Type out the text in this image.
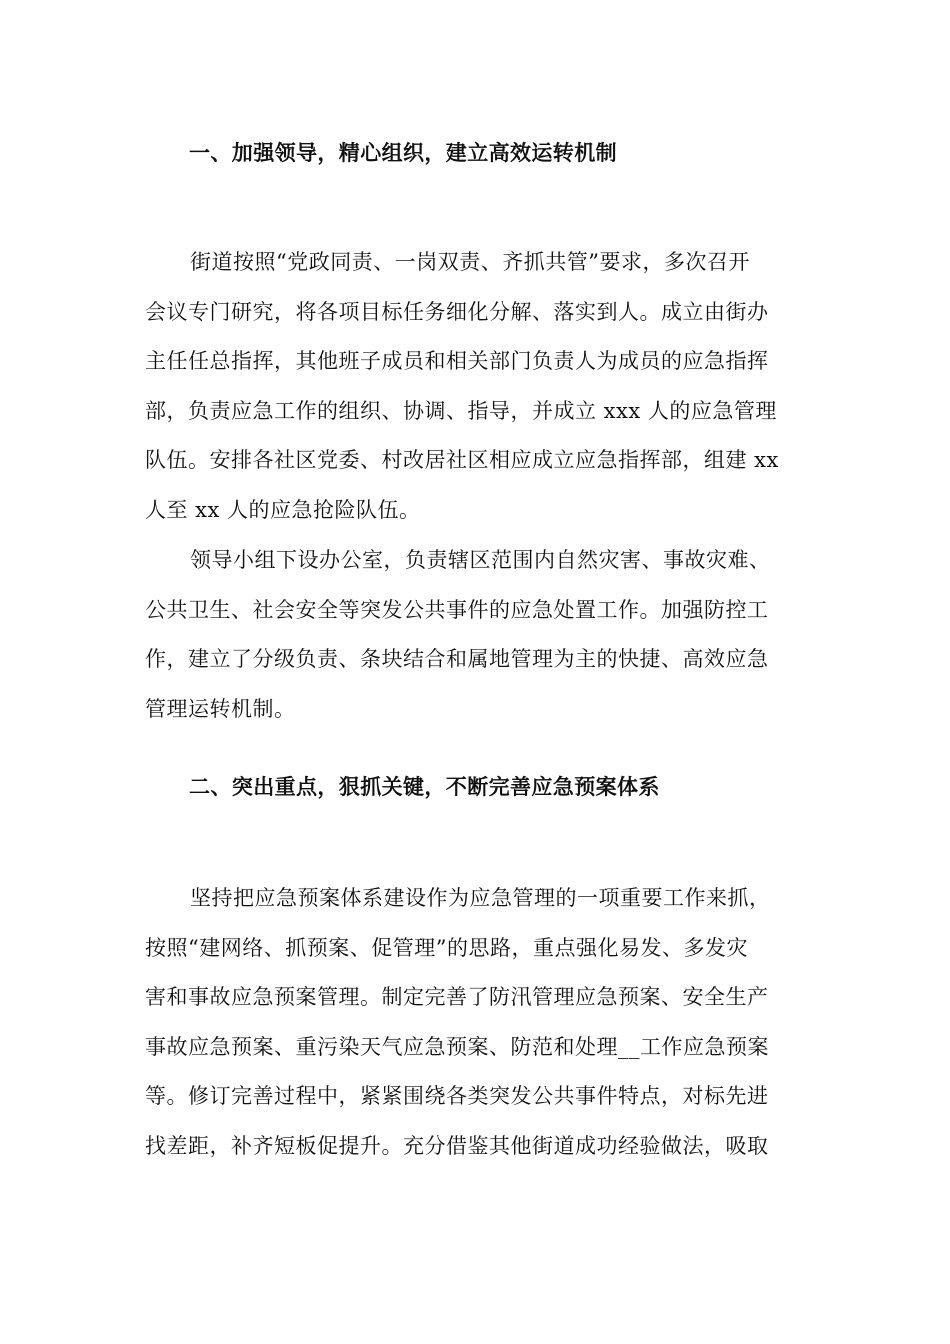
一、加强领导，精心组织，建立高效运转机制
街道按照“党政同责、一岗双责、齐抓共管”要求，多次召开
会议专门研究，将各项目标任务细化分解、落实到人。成立由街办
主任任总指挥，其他班子成员和相关部门负责人为成员的应急指挥
部，负责应急工作的组织、协调、指导，并成立 xxx 人的应急管理
队伍。安排各社区党委、村改居社区相应成立应急指挥部，组建 xx
人至 xx 人的应急抢险队伍。
领导小组下设办公室，负责辖区范围内自然灾害、事故灾难、
公共卫生、社会安全等突发公共事件的应急处置工作。加强防控工
作，建立了分级负责、条块结合和属地管理为主的快捷、高效应急
管理运转机制。
二、突出重点，狠抓关键，不断完善应急预案体系
坚持把应急预案体系建设作为应急管理的一项重要工作来抓，
按照“建网络、抓预案、促管理”的思路，重点强化易发、多发灾
害和事故应急预案管理。制定完善了防汛管理应急预案、安全生产
事故应急预案、重污染天气应急预案、防范和处理__工作应急预案
等。修订完善过程中，紧紧围绕各类突发公共事件特点，对标先进
找差距，补齐短板促提升。充分借鉴其他街道成功经验做法，吸取
